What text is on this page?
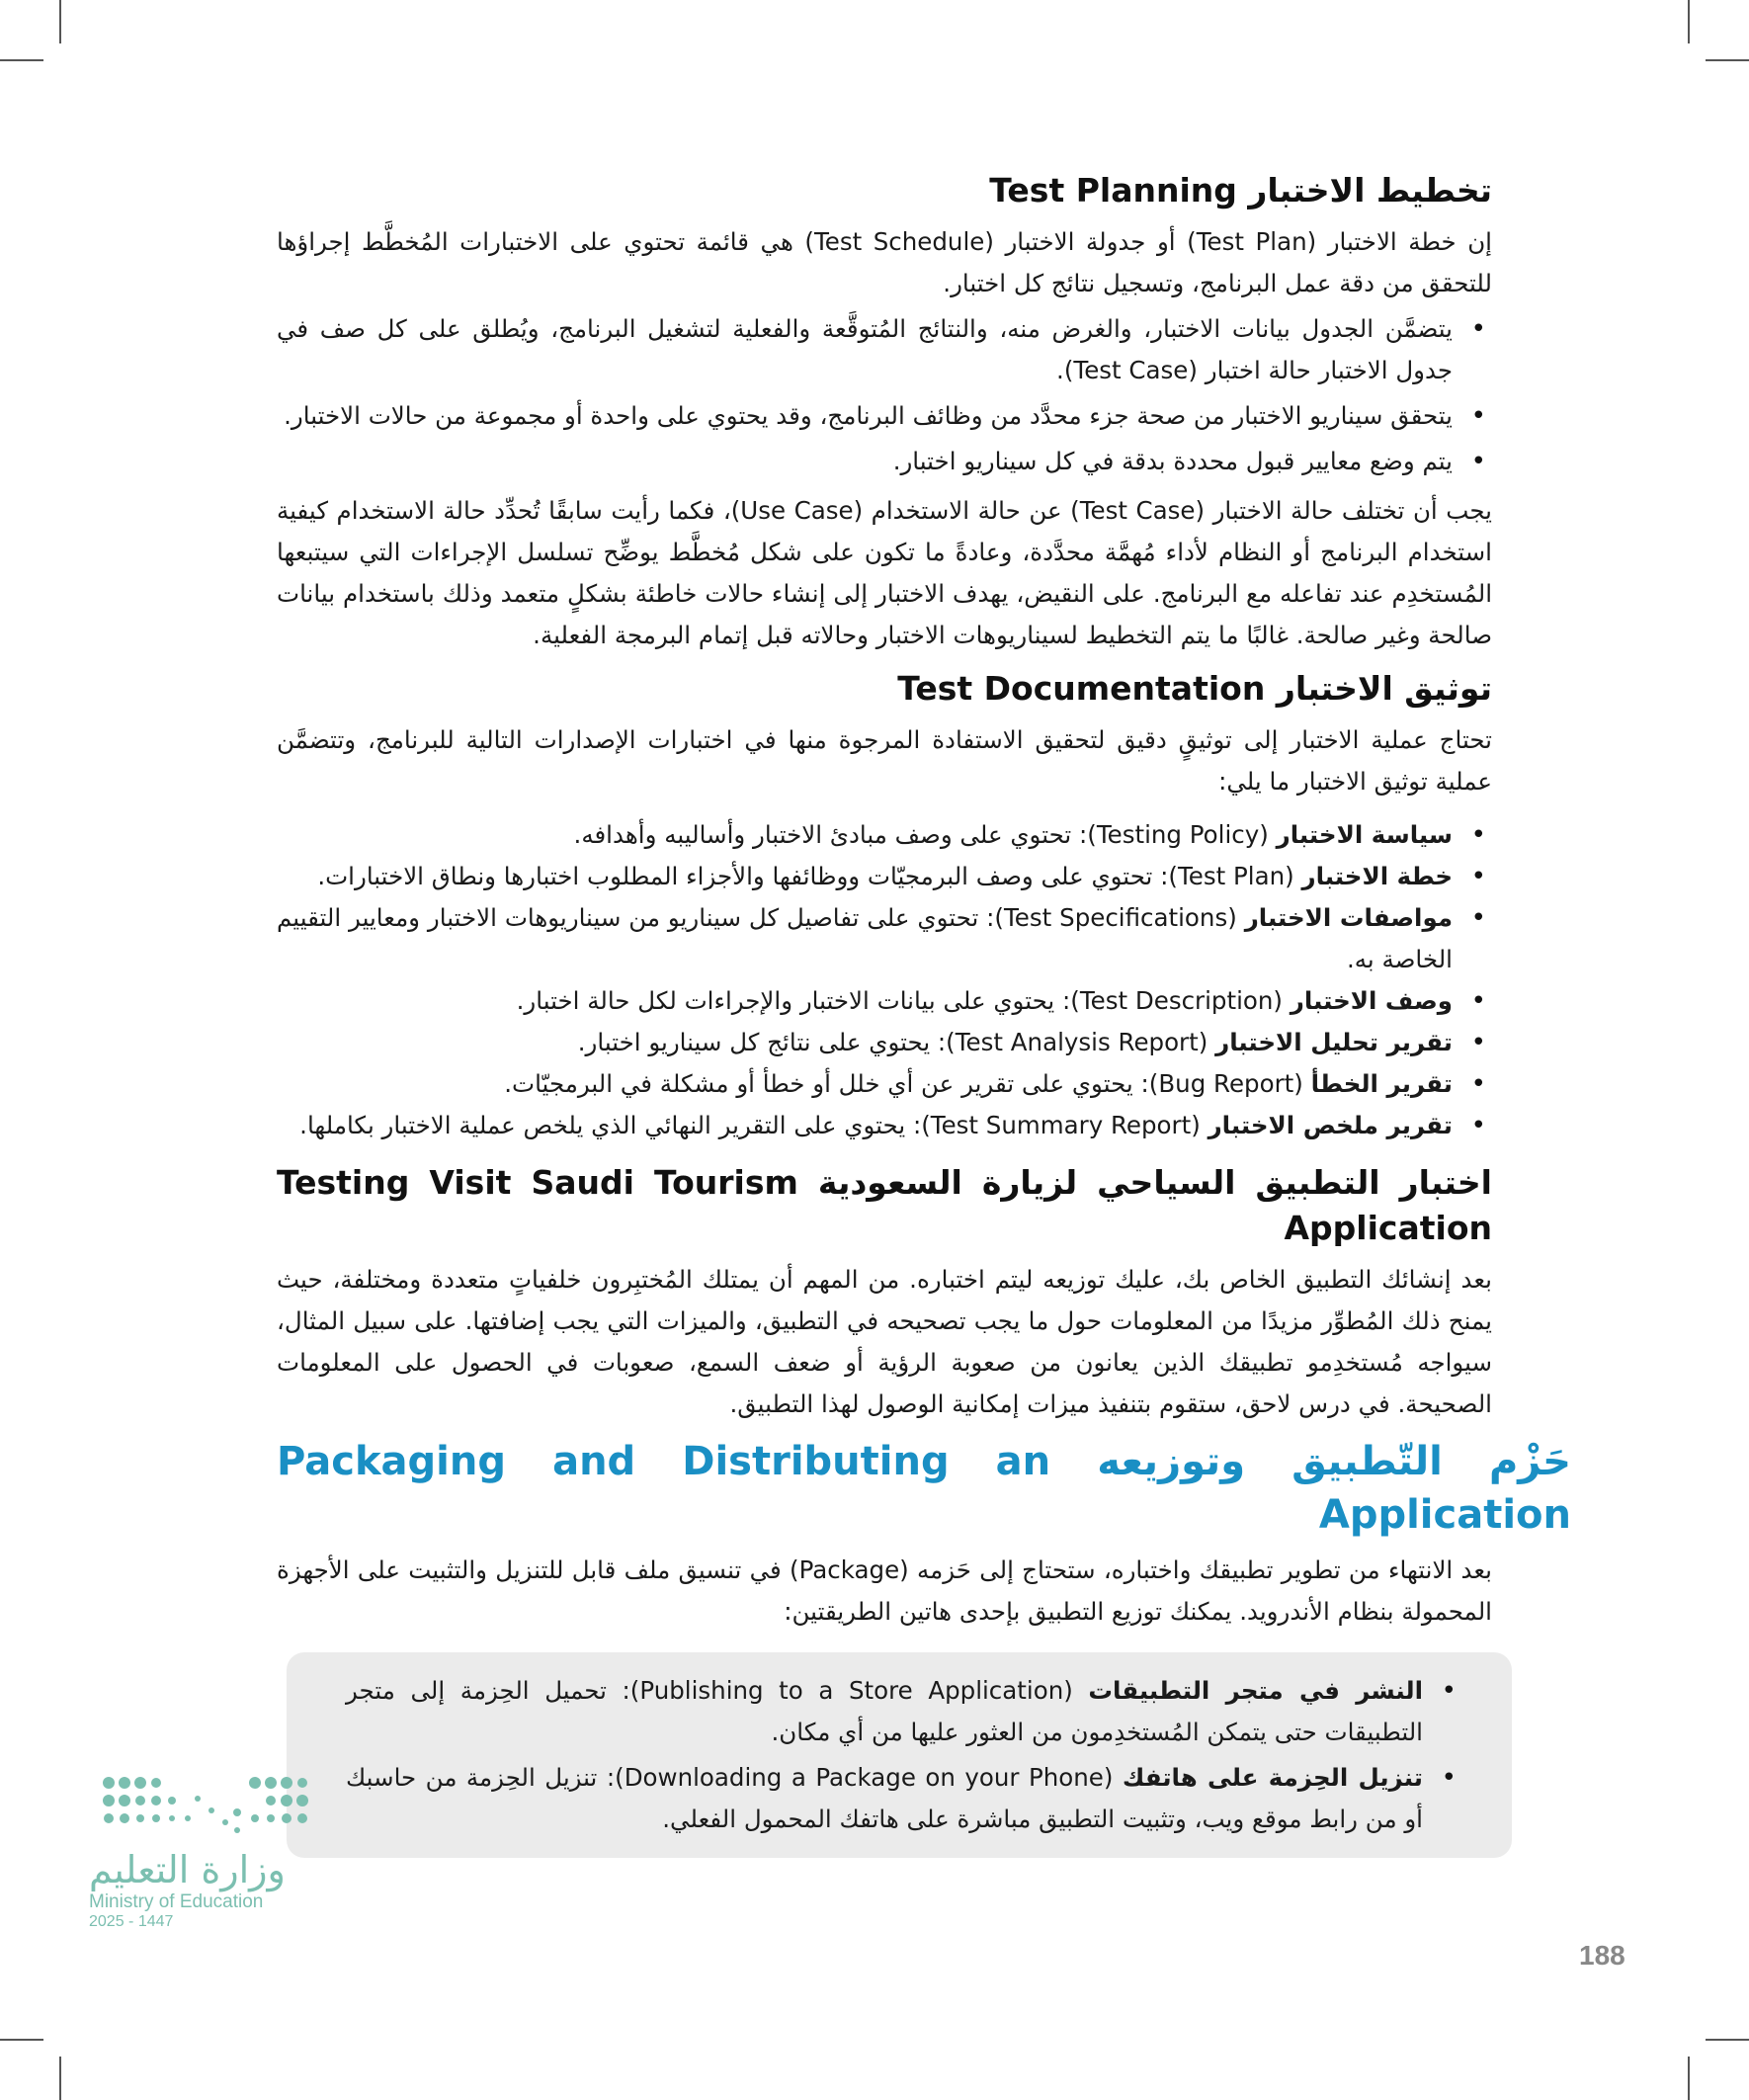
تخطيط الاختبار Test Planning

إن خطة الاختبار (Test Plan) أو جدولة الاختبار (Test Schedule) هي قائمة تحتوي على الاختبارات المُخطَّط إجراؤها للتحقق من دقة عمل البرنامج، وتسجيل نتائج كل اختبار.

• يتضمَّن الجدول بيانات الاختبار، والغرض منه، والنتائج المُتوقَّعة والفعلية لتشغيل البرنامج، ويُطلق على كل صف في جدول الاختبار حالة اختبار (Test Case).
• يتحقق سيناريو الاختبار من صحة جزء محدَّد من وظائف البرنامج، وقد يحتوي على واحدة أو مجموعة من حالات الاختبار.
• يتم وضع معايير قبول محددة بدقة في كل سيناريو اختبار.

يجب أن تختلف حالة الاختبار (Test Case) عن حالة الاستخدام (Use Case)، فكما رأيت سابقًا تُحدِّد حالة الاستخدام كيفية استخدام البرنامج أو النظام لأداء مُهمَّة محدَّدة، وعادةً ما تكون على شكل مُخطَّط يوضِّح تسلسل الإجراءات التي سيتبعها المُستخدِم عند تفاعله مع البرنامج. على النقيض، يهدف الاختبار إلى إنشاء حالات خاطئة بشكلٍ متعمد وذلك باستخدام بيانات صالحة وغير صالحة. غالبًا ما يتم التخطيط لسيناريوهات الاختبار وحالاته قبل إتمام البرمجة الفعلية.

توثيق الاختبار Test Documentation

تحتاج عملية الاختبار إلى توثيقٍ دقيق لتحقيق الاستفادة المرجوة منها في اختبارات الإصدارات التالية للبرنامج، وتتضمَّن عملية توثيق الاختبار ما يلي:

• سياسة الاختبار (Testing Policy): تحتوي على وصف مبادئ الاختبار وأساليبه وأهدافه.
• خطة الاختبار (Test Plan): تحتوي على وصف البرمجيّات ووظائفها والأجزاء المطلوب اختبارها ونطاق الاختبارات.
• مواصفات الاختبار (Test Specifications): تحتوي على تفاصيل كل سيناريو من سيناريوهات الاختبار ومعايير التقييم الخاصة به.
• وصف الاختبار (Test Description): يحتوي على بيانات الاختبار والإجراءات لكل حالة اختبار.
• تقرير تحليل الاختبار (Test Analysis Report): يحتوي على نتائج كل سيناريو اختبار.
• تقرير الخطأ (Bug Report): يحتوي على تقرير عن أي خلل أو خطأ أو مشكلة في البرمجيّات.
• تقرير ملخص الاختبار (Test Summary Report): يحتوي على التقرير النهائي الذي يلخص عملية الاختبار بكاملها.
اختبار التطبيق السياحي لزيارة السعودية Testing Visit Saudi Tourism Application

بعد إنشائك التطبيق الخاص بك، عليك توزيعه ليتم اختباره. من المهم أن يمتلك المُختبِرون خلفياتٍ متعددة ومختلفة، حيث يمنح ذلك المُطوِّر مزيدًا من المعلومات حول ما يجب تصحيحه في التطبيق، والميزات التي يجب إضافتها. على سبيل المثال، سيواجه مُستخدِمو تطبيقك الذين يعانون من صعوبة الرؤية أو ضعف السمع، صعوبات في الحصول على المعلومات الصحيحة. في درس لاحق، ستقوم بتنفيذ ميزات إمكانية الوصول لهذا التطبيق.

حَزْم التّطبيق وتوزيعه Packaging and Distributing an Application

بعد الانتهاء من تطوير تطبيقك واختباره، ستحتاج إلى حَزمه (Package) في تنسيق ملف قابل للتنزيل والتثبيت على الأجهزة المحمولة بنظام الأندرويد. يمكنك توزيع التطبيق بإحدى هاتين الطريقتين:

• النشر في متجر التطبيقات (Publishing to a Store Application): تحميل الحِزمة إلى متجر التطبيقات حتى يتمكن المُستخدِمون من العثور عليها من أي مكان.
• تنزيل الحِزمة على هاتفك (Downloading a Package on your Phone): تنزيل الحِزمة من حاسبك أو من رابط موقع ويب، وتثبيت التطبيق مباشرة على هاتفك المحمول الفعلي.
وزارة التعليم
Ministry of Education
2025 - 1447
188
